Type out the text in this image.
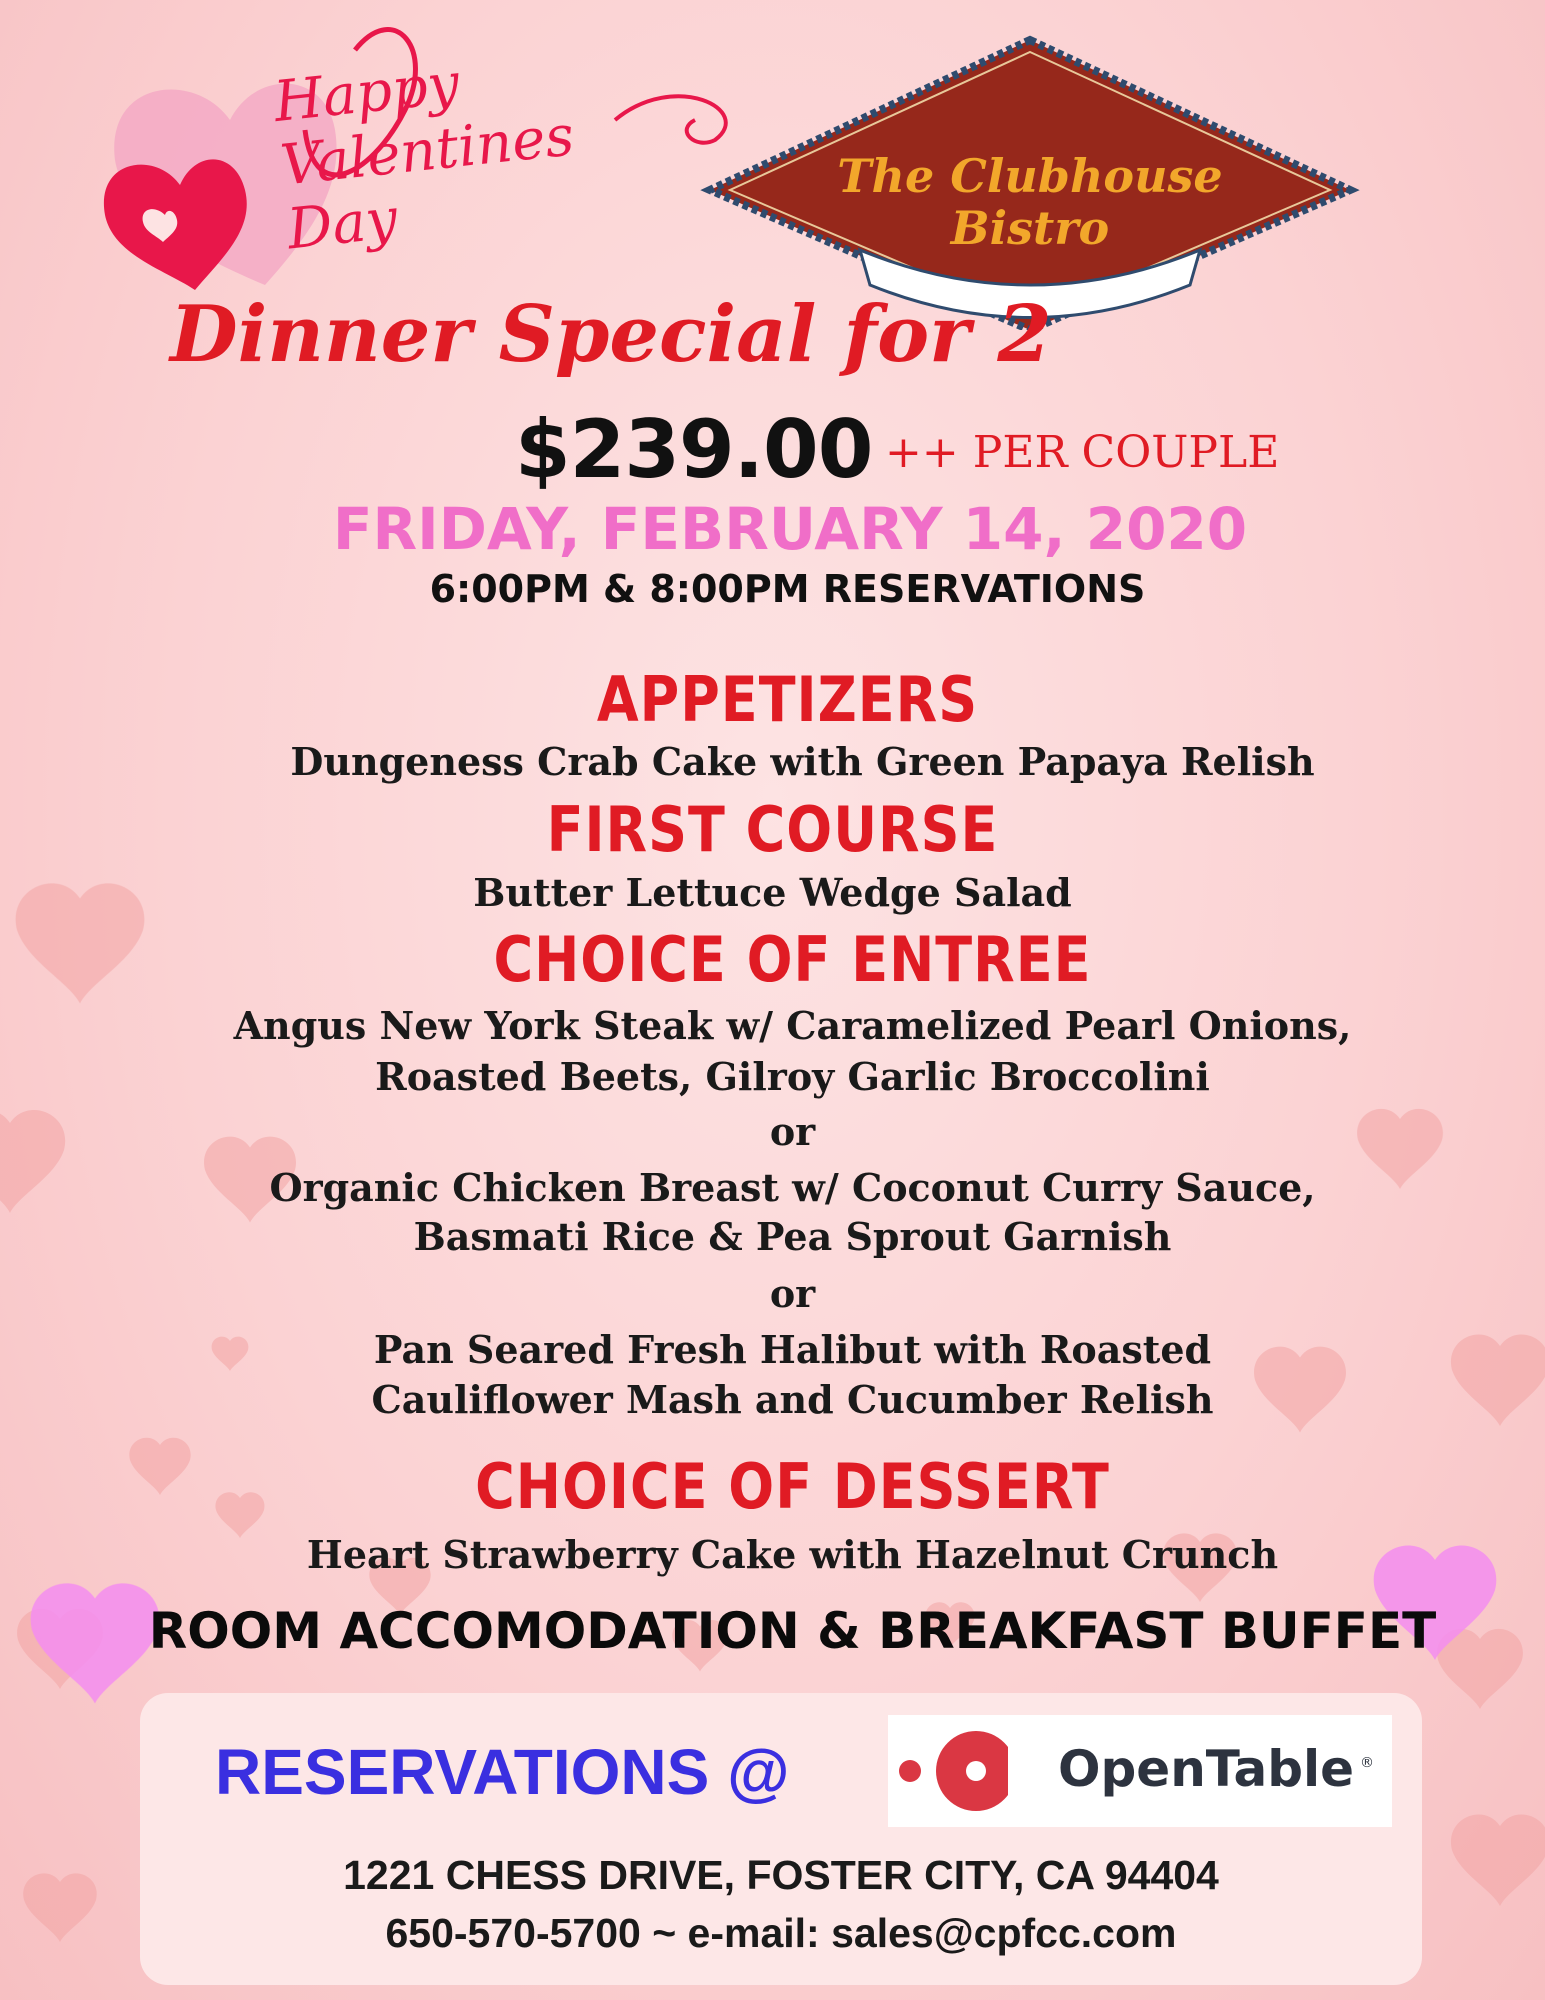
Happy Valentines Day
The Clubhouse Bistro
Dinner Special for 2
$239.00 ++ PER COUPLE
FRIDAY, FEBRUARY 14, 2020
6:00PM & 8:00PM RESERVATIONS
APPETIZERS
Dungeness Crab Cake with Green Papaya Relish
FIRST COURSE
Butter Lettuce Wedge Salad
CHOICE OF ENTREE
Angus New York Steak w/ Caramelized Pearl Onions,
Roasted Beets, Gilroy Garlic Broccolini
or
Organic Chicken Breast w/ Coconut Curry Sauce,
Basmati Rice & Pea Sprout Garnish
or
Pan Seared Fresh Halibut with Roasted
Cauliflower Mash and Cucumber Relish
CHOICE OF DESSERT
Heart Strawberry Cake with Hazelnut Crunch
ROOM ACCOMODATION & BREAKFAST BUFFET
RESERVATIONS @	OpenTable ®
1221 CHESS DRIVE, FOSTER CITY, CA 94404
650-570-5700 ~ e-mail: sales@cpfcc.com
